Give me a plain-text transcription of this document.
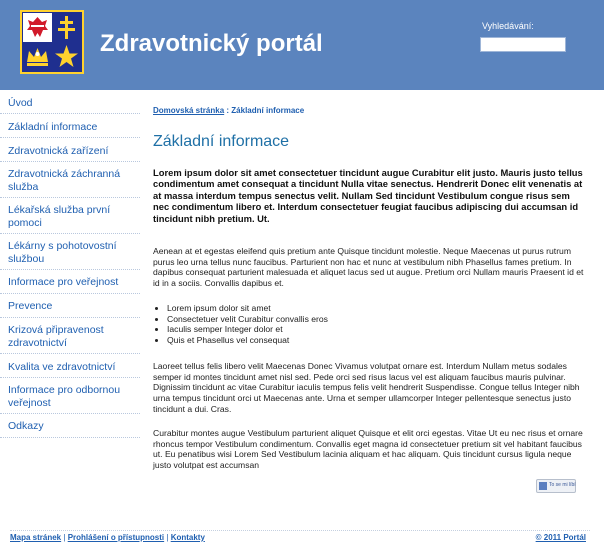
Zdravotnický portál
Vyhledávání:
Úvod
Základní informace
Zdravotnická zařízení
Zdravotnická záchranná služba
Lékařská služba první pomoci
Lékárny s pohotovostní službou
Informace pro veřejnost
Prevence
Krizová připravenost zdravotnictví
Kvalita ve zdravotnictví
Informace pro odbornou veřejnost
Odkazy
Domovská stránka : Základní informace
Základní informace

Lorem ipsum dolor sit amet consectetuer tincidunt augue Curabitur elit justo. Mauris justo tellus condimentum amet consequat a tincidunt Nulla vitae senectus. Hendrerit Donec elit venenatis at at massa interdum tempus senectus velit. Nullam Sed tincidunt Vestibulum congue risus sem nec condimentum libero et. Interdum consectetuer feugiat faucibus adipiscing dui accumsan id tincidunt nibh pretium. Ut.

Aenean at et egestas eleifend quis pretium ante Quisque tincidunt molestie. Neque Maecenas ut purus rutrum purus leo urna tellus nunc faucibus. Parturient non hac et nunc at vestibulum nibh Phasellus fames pretium. In dapibus consequat parturient malesuada et aliquet lacus sed ut augue. Pretium orci Nullam mauris Praesent id et id in a sociis. Convallis dapibus et.

• Lorem ipsum dolor sit amet
• Consectetuer velit Curabitur convallis eros
• Iaculis semper Integer dolor et
• Quis et Phasellus vel consequat

Laoreet tellus felis libero velit Maecenas Donec Vivamus volutpat ornare est. Interdum Nullam metus sodales semper id montes tincidunt amet nisl sed. Pede orci sed risus lacus vel est aliquam faucibus mauris pulvinar. Dignissim tincidunt ac vitae Curabitur iaculis tempus felis velit hendrerit Suspendisse. Congue tellus Integer nibh urna tempus tincidunt orci ut Maecenas ante. Urna et semper ullamcorper Integer pellentesque senectus justo tincidunt a dui. Cras.

Curabitur montes augue Vestibulum parturient aliquet Quisque et elit orci egestas. Vitae Ut eu nec risus et ornare rhoncus tempor Vestibulum condimentum. Convallis eget magna id consectetuer pretium sit vel habitant faucibus ut. Eu penatibus wisi Lorem Sed Vestibulum lacinia aliquam et hac aliquam. Quis tincidunt cursus ligula neque justo volutpat est accumsan

To se mi líbí
Mapa stránek | Prohlášení o přístupnosti | Kontakty	© 2011 Portál
